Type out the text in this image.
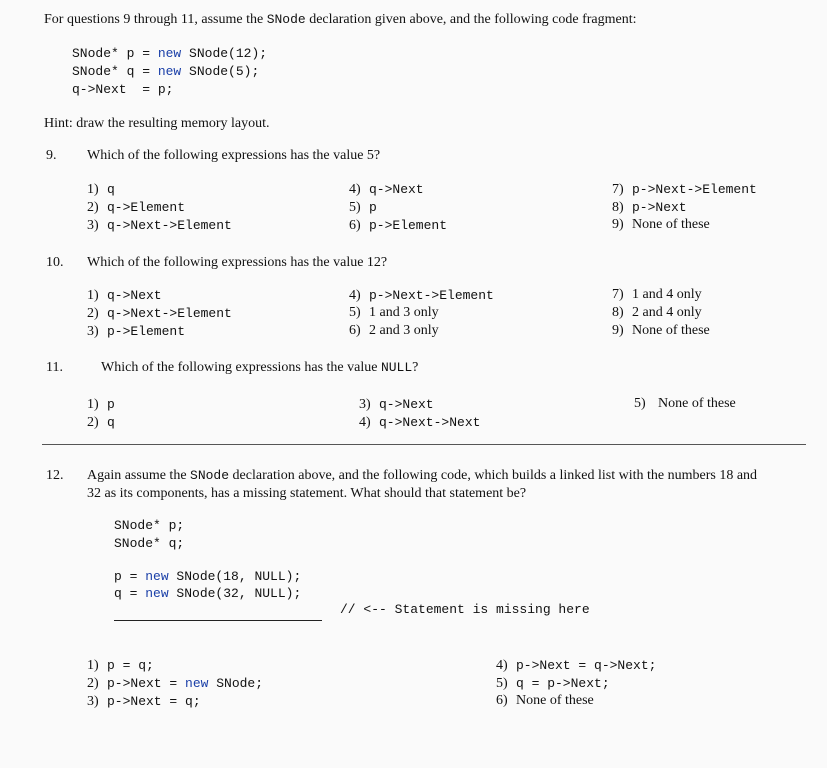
For questions 9 through 11, assume the SNode declaration given above, and the following code fragment:
SNode* p = new SNode(12);
SNode* q = new SNode(5);
q->Next  = p;
Hint: draw the resulting memory layout.
9. Which of the following expressions has the value 5?
1) q
2) q->Element
3) q->Next->Element
4) q->Next
5) p
6) p->Element
7) p->Next->Element
8) p->Next
9) None of these
10. Which of the following expressions has the value 12?
1) q->Next
2) q->Next->Element
3) p->Element
4) p->Next->Element
5) 1 and 3 only
6) 2 and 3 only
7) 1 and 4 only
8) 2 and 4 only
9) None of these
11.	Which of the following expressions has the value NULL?
1) p
2) q
3) q->Next
4) q->Next->Next
5) None of these
12. Again assume the SNode declaration above, and the following code, which builds a linked list with the numbers 18 and
32 as its components, has a missing statement. What should that statement be?
SNode* p;
SNode* q;
p = new SNode(18, NULL);
q = new SNode(32, NULL);
// <-- Statement is missing here
1) p = q;
2) p->Next = new SNode;
3) p->Next = q;
4) p->Next = q->Next;
5) q = p->Next;
6) None of these
